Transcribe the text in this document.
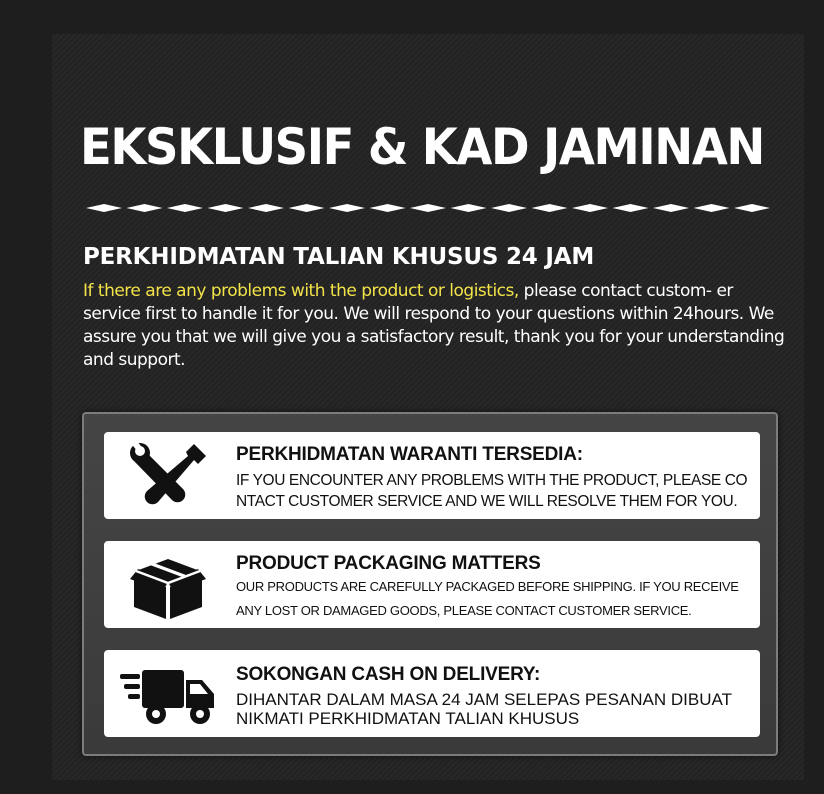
EKSKLUSIF & KAD JAMINAN
PERKHIDMATAN TALIAN KHUSUS 24 JAM
If there are any problems with the product or logistics, please contact custom- er service first to handle it for you. We will respond to your questions within 24hours. We assure you that we will give you a satisfactory result, thank you for your understanding and support.
PERKHIDMATAN WARANTI TERSEDIA:
IF YOU ENCOUNTER ANY PROBLEMS WITH THE PRODUCT, PLEASE CO NTACT CUSTOMER SERVICE AND WE WILL RESOLVE THEM FOR YOU.
PRODUCT PACKAGING MATTERS
OUR PRODUCTS ARE CAREFULLY PACKAGED BEFORE SHIPPING. IF YOU RECEIVE ANY LOST OR DAMAGED GOODS, PLEASE CONTACT CUSTOMER SERVICE.
SOKONGAN CASH ON DELIVERY:
DIHANTAR DALAM MASA 24 JAM SELEPAS PESANAN DIBUAT NIKMATI PERKHIDMATAN TALIAN KHUSUS
